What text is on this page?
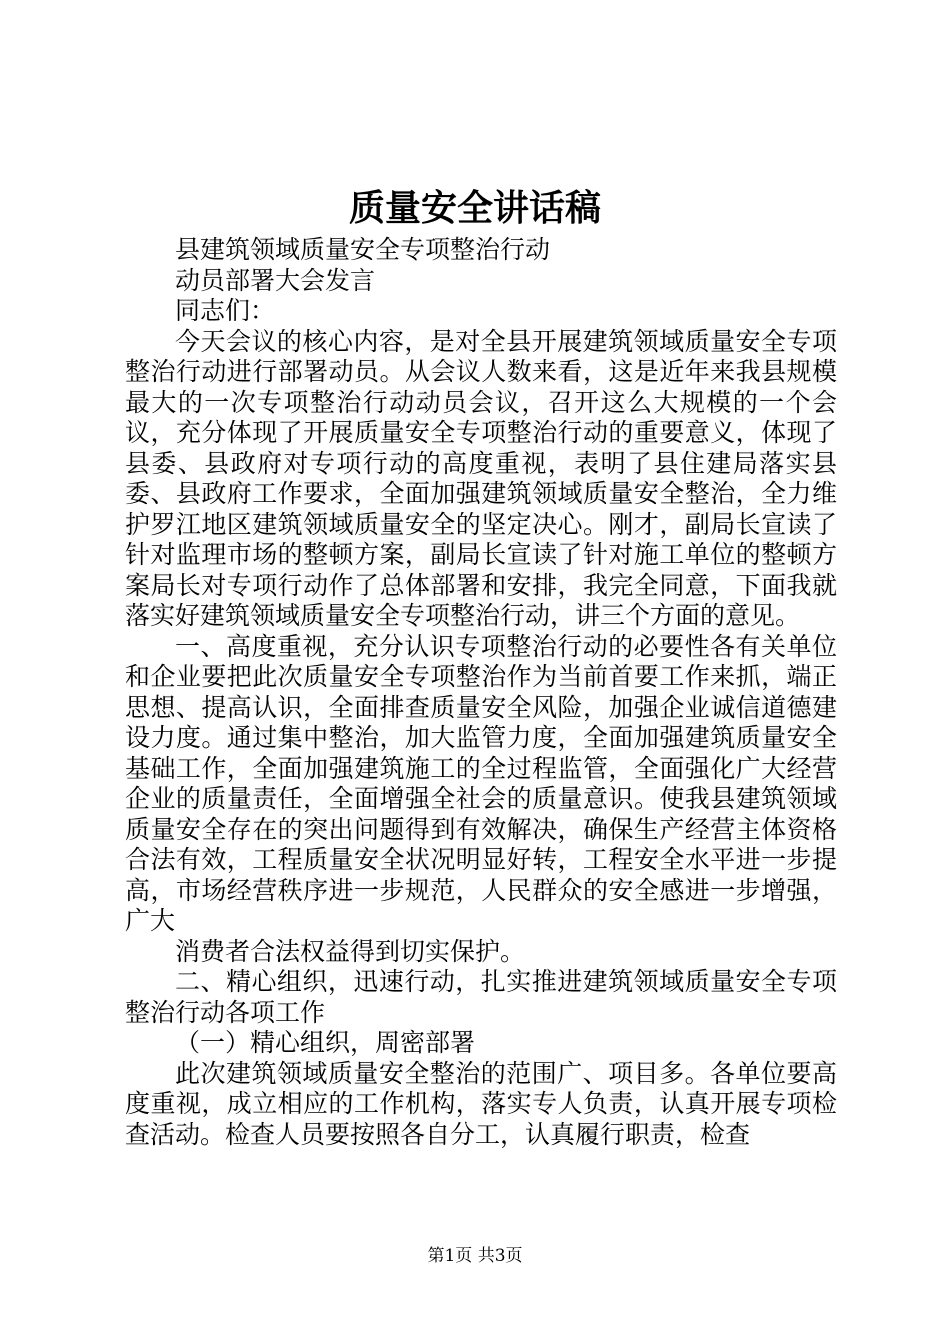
质量安全讲话稿

县建筑领域质量安全专项整治行动

动员部署大会发言

同志们：

今天会议的核心内容，是对全县开展建筑领域质量安全专项整治行动进行部署动员。从会议人数来看，这是近年来我县规模最大的一次专项整治行动动员会议，召开这么大规模的一个会议，充分体现了开展质量安全专项整治行动的重要意义，体现了县委、县政府对专项行动的高度重视，表明了县住建局落实县委、县政府工作要求，全面加强建筑领域质量安全整治，全力维护罗江地区建筑领域质量安全的坚定决心。刚才，副局长宣读了针对监理市场的整顿方案，副局长宣读了针对施工单位的整顿方案局长对专项行动作了总体部署和安排，我完全同意，下面我就落实好建筑领域质量安全专项整治行动，讲三个方面的意见。

一、高度重视，充分认识专项整治行动的必要性各有关单位和企业要把此次质量安全专项整治作为当前首要工作来抓，端正思想、提高认识，全面排查质量安全风险，加强企业诚信道德建设力度。通过集中整治，加大监管力度，全面加强建筑质量安全基础工作，全面加强建筑施工的全过程监管，全面强化广大经营企业的质量责任，全面增强全社会的质量意识。使我县建筑领域质量安全存在的突出问题得到有效解决，确保生产经营主体资格合法有效，工程质量安全状况明显好转，工程安全水平进一步提高，市场经营秩序进一步规范，人民群众的安全感进一步增强，广大

消费者合法权益得到切实保护。

二、精心组织，迅速行动，扎实推进建筑领域质量安全专项整治行动各项工作

（一）精心组织，周密部署

此次建筑领域质量安全整治的范围广、项目多。各单位要高度重视，成立相应的工作机构，落实专人负责，认真开展专项检查活动。检查人员要按照各自分工，认真履行职责，检查

第1页 共3页
